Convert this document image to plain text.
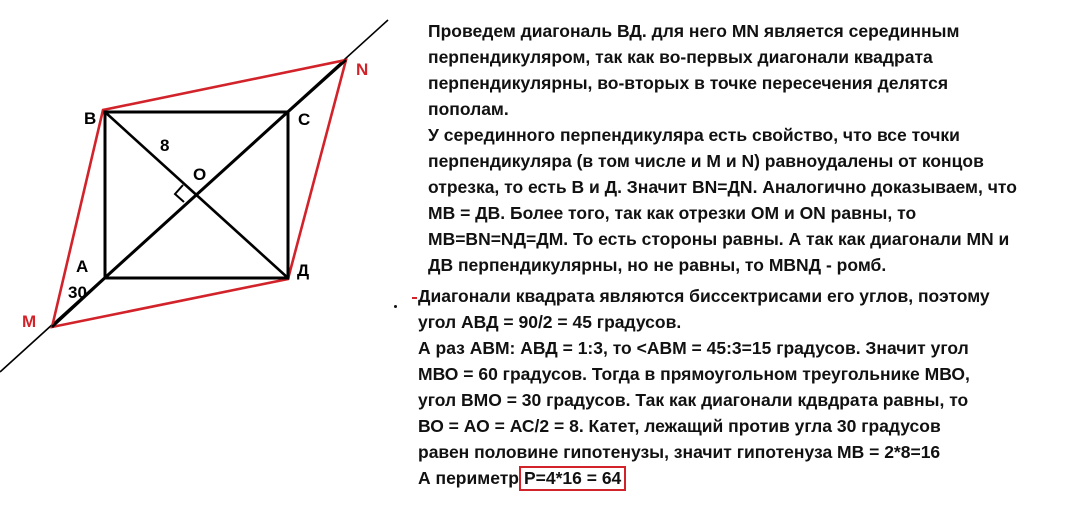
B	C
A	Д
O
M
N
8
30
Проведем диагональ ВД. для него MN является серединным
перпендикуляром, так как во-первых диагонали квадрата
перпендикулярны, во-вторых в точке пересечения делятся
пополам.
У серединного перпендикуляра есть свойство, что все точки
перпендикуляра (в том числе и М и N) равноудалены от концов
отрезка, то есть В и Д. Значит BN=ДN. Аналогично доказываем, что
MB = ДВ. Более того, так как отрезки ОМ и ON равны, то
MB=BN=NД=ДМ. То есть стороны равны. А так как диагонали MN и
ДВ перпендикулярны, но не равны, то MBNД - ромб.
Диагонали квадрата являются биссектрисами его углов, поэтому
угол АВД = 90/2 = 45 градусов.
А раз АВМ: АВД = 1:3, то <АВМ = 45:3=15 градусов. Значит угол
МВО = 60 градусов. Тогда в прямоугольном треугольнике МВО,
угол ВМО = 30 градусов. Так как диагонали кдвдрата равны, то
ВО = АО = АС/2 = 8. Катет, лежащий против угла 30 градусов
равен половине гипотенузы, значит гипотенуза МВ = 2*8=16
А периметр P=4*16 = 64
